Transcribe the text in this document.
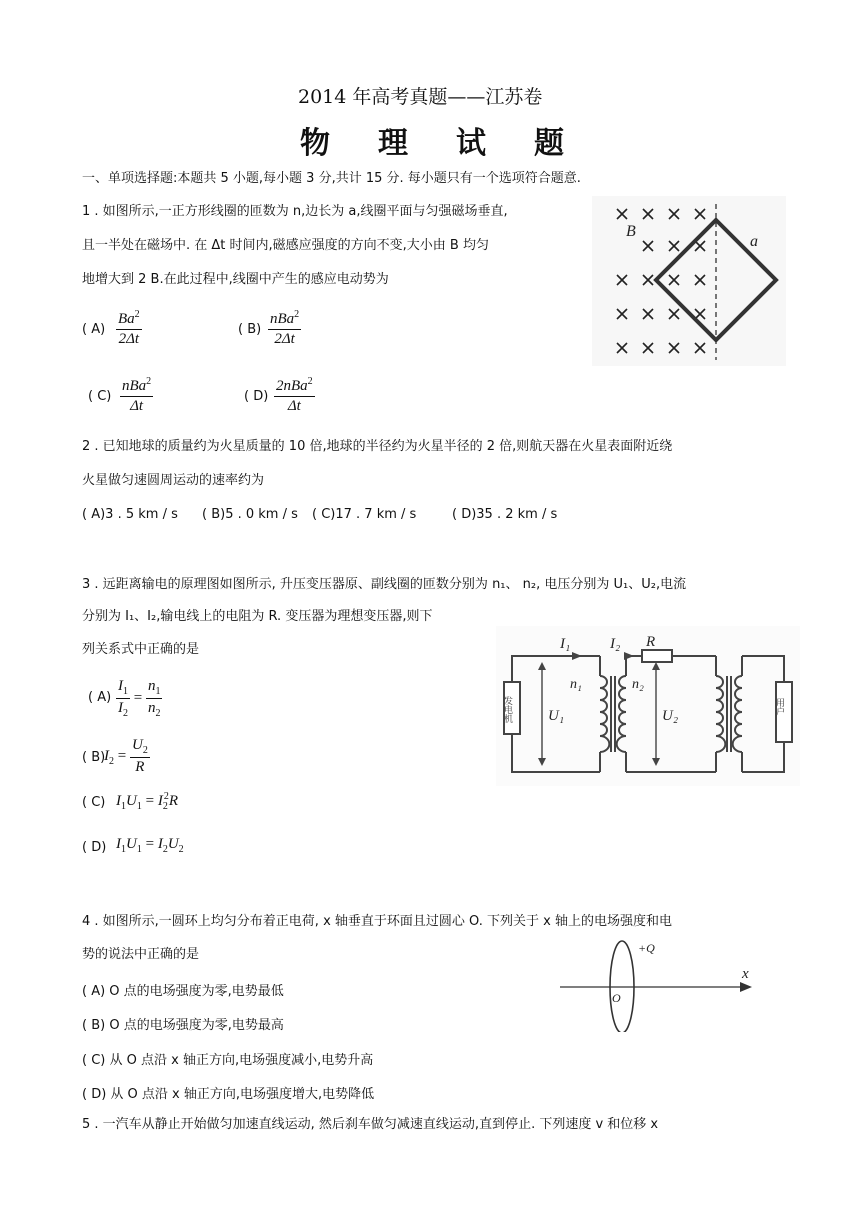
2014 年高考真题——江苏卷
物理试题
一、单项选择题:本题共 5 小题,每小题 3 分,共计 15 分. 每小题只有一个选项符合题意.
1 . 如图所示,一正方形线圈的匝数为 n,边长为 a,线圈平面与匀强磁场垂直,
且一半处在磁场中. 在 Δt 时间内,磁感应强度的方向不变,大小由 B 均匀
地增大到 2 B.在此过程中,线圈中产生的感应电动势为
( $A) \frac{Ba^2}{2\Delta t}$	( $B) \frac{nBa^2}{2\Delta t}$
( $C) \frac{nBa^2}{\Delta t}$	( $D) \frac{2nBa^2}{\Delta t}$
B
a
2 . 已知地球的质量约为火星质量的 10 倍,地球的半径约为火星半径的 2 倍,则航天器在火星表面附近绕
火星做匀速圆周运动的速率约为
( A)3 . 5 km / s ( B)5 . 0 km / s ( C)17 . 7 km / s	( D)35 . 2 km / s
3 . 远距离输电的原理图如图所示, 升压变压器原、副线圈的匝数分别为 n₁、 n₂, 电压分别为 U₁、U₂,电流
分别为 I₁、I₂,输电线上的电阻为 R. 变压器为理想变压器,则下
列关系式中正确的是
( $A) \frac{I_1}{I_2} = \frac{n_1}{n_2}$
( B)
$I_2 = \frac{U_2}{R}$
( C) $I_1U_1 = I_2^2R$
( D) $I_1U_1 = I_2U_2$
发电机	用户
I₁	I₂ R
n₁	n₂
U₁	U₂
4 . 如图所示,一圆环上均匀分布着正电荷, x 轴垂直于环面且过圆心 O. 下列关于 x 轴上的电场强度和电
势的说法中正确的是
( A) O 点的电场强度为零,电势最低
( B) O 点的电场强度为零,电势最高
( C) 从 O 点沿 x 轴正方向,电场强度减小,电势升高
( D) 从 O 点沿 x 轴正方向,电场强度增大,电势降低
+Q
O
x
5 . 一汽车从静止开始做匀加速直线运动, 然后刹车做匀减速直线运动,直到停止. 下列速度 v 和位移 x
